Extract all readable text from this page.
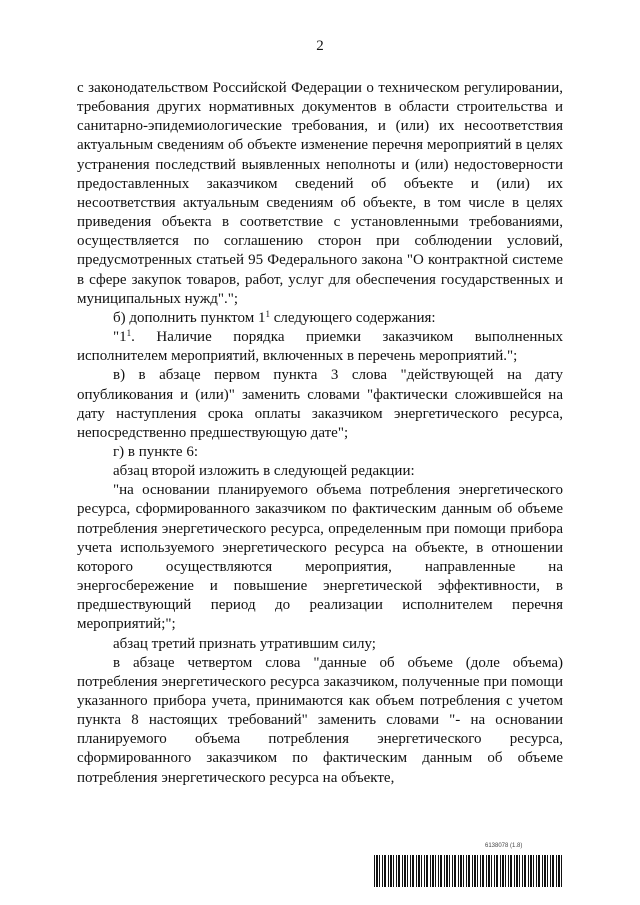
2

с законодательством Российской Федерации о техническом регулировании, требования других нормативных документов в области строительства и санитарно-эпидемиологические требования, и (или) их несоответствия актуальным сведениям об объекте изменение перечня мероприятий в целях устранения последствий выявленных неполноты и (или) недостоверности предоставленных заказчиком сведений об объекте и (или) их несоответствия актуальным сведениям об объекте, в том числе в целях приведения объекта в соответствие с установленными требованиями, осуществляется по соглашению сторон при соблюдении условий, предусмотренных статьей 95 Федерального закона "О контрактной системе в сфере закупок товаров, работ, услуг для обеспечения государственных и муниципальных нужд".";

б) дополнить пунктом $1^1$ следующего содержания:

"$1^1$. Наличие порядка приемки заказчиком выполненных исполнителем мероприятий, включенных в перечень мероприятий.";

в) в абзаце первом пункта 3 слова "действующей на дату опубликования и (или)" заменить словами "фактически сложившейся на дату наступления срока оплаты заказчиком энергетического ресурса, непосредственно предшествующую дате";

г) в пункте 6:

абзац второй изложить в следующей редакции:

"на основании планируемого объема потребления энергетического ресурса, сформированного заказчиком по фактическим данным об объеме потребления энергетического ресурса, определенным при помощи прибора учета используемого энергетического ресурса на объекте, в отношении которого осуществляются мероприятия, направленные на энергосбережение и повышение энергетической эффективности, в предшествующий период до реализации исполнителем перечня мероприятий;";

абзац третий признать утратившим силу;

в абзаце четвертом слова "данные об объеме (доле объема) потребления энергетического ресурса заказчиком, полученные при помощи указанного прибора учета, принимаются как объем потребления с учетом пункта 8 настоящих требований" заменить словами "- на основании планируемого объема потребления энергетического ресурса, сформированного заказчиком по фактическим данным об объеме потребления энергетического ресурса на объекте,

6138078 (1.8)
